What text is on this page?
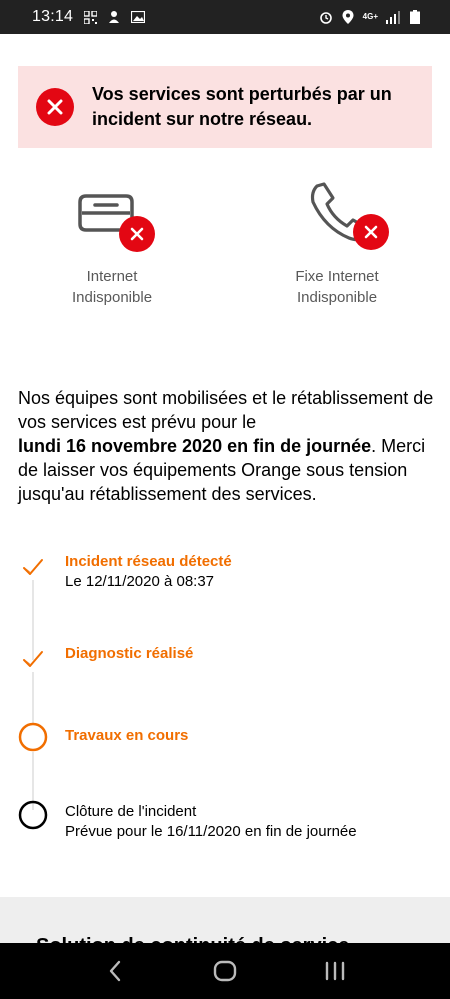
13:14	4G+
Vos services sont perturbés par un incident sur notre réseau.
Internet
Indisponible
Fixe Internet
Indisponible

Nos équipes sont mobilisées et le rétablissement de vos services est prévu pour le
lundi 16 novembre 2020 en fin de journée. Merci de laisser vos équipements Orange sous tension jusqu'au rétablissement des services.

Incident réseau détecté
Le 12/11/2020 à 08:37
Diagnostic réalisé
Travaux en cours
Clôture de l'incident
Prévue pour le 16/11/2020 en fin de journée
